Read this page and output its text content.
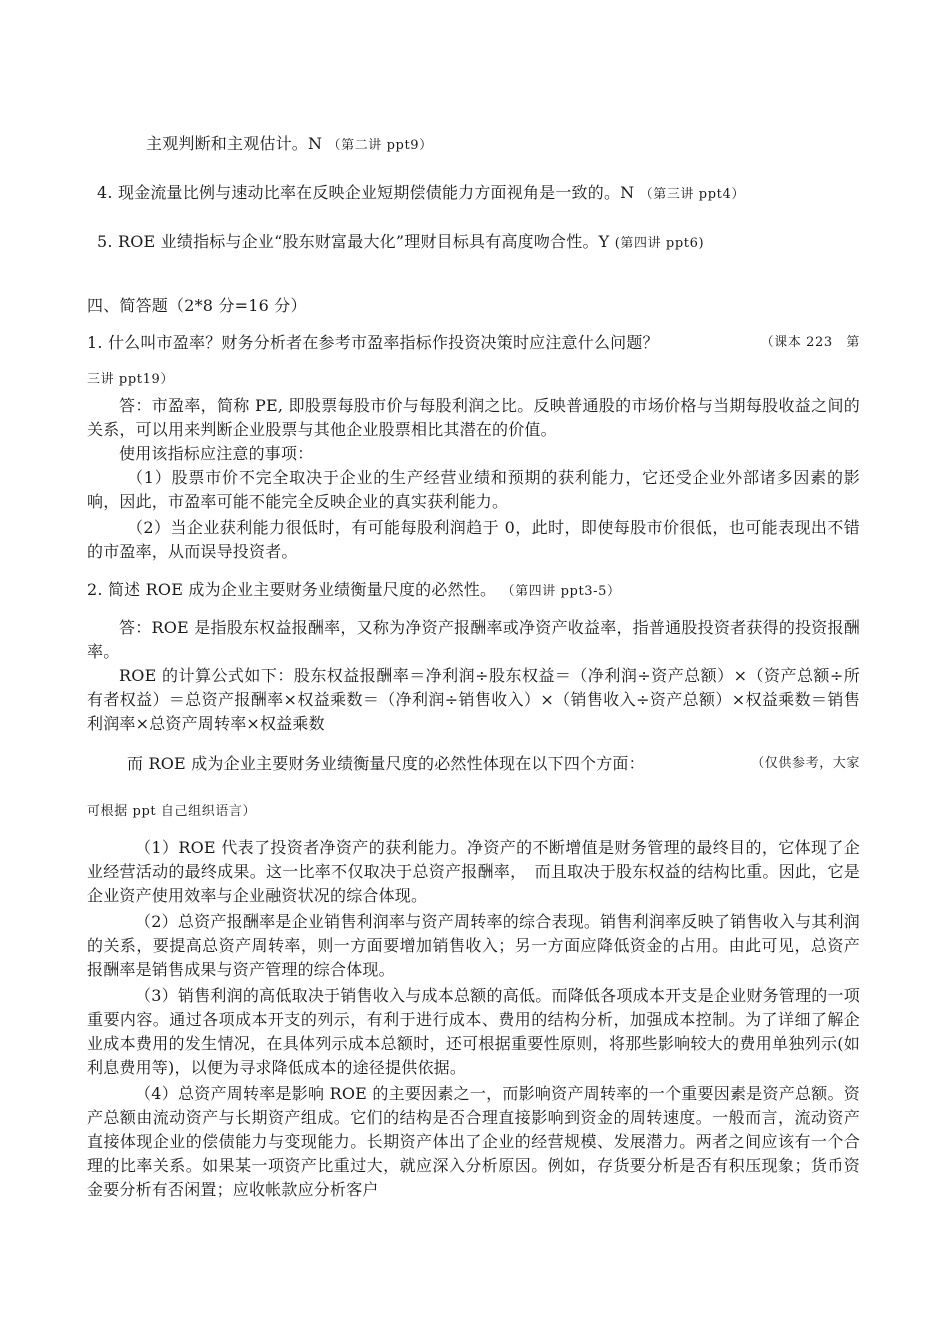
主观判断和主观估计。N （第二讲 ppt9）
4. 现金流量比例与速动比率在反映企业短期偿债能力方面视角是一致的。N （第三讲 ppt4）
5. ROE 业绩指标与企业“股东财富最大化”理财目标具有高度吻合性。Y (第四讲 ppt6)
四、简答题（2*8 分=16 分）
1. 什么叫市盈率？财务分析者在参考市盈率指标作投资决策时应注意什么问题？	（课本 223　第
三讲 ppt19）
答：市盈率，简称 PE, 即股票每股市价与每股利润之比。反映普通股的市场价格与当期每股收益之间的关系，可以用来判断企业股票与其他企业股票相比其潜在的价值。
使用该指标应注意的事项：
（1）股票市价不完全取决于企业的生产经营业绩和预期的获利能力，它还受企业外部诸多因素的影响，因此，市盈率可能不能完全反映企业的真实获利能力。
（2）当企业获利能力很低时，有可能每股利润趋于 0，此时，即使每股市价很低，也可能表现出不错的市盈率，从而误导投资者。
2. 简述 ROE 成为企业主要财务业绩衡量尺度的必然性。 （第四讲 ppt3-5）
答：ROE 是指股东权益报酬率，又称为净资产报酬率或净资产收益率，指普通股投资者获得的投资报酬率。
ROE 的计算公式如下：股东权益报酬率＝净利润÷股东权益＝（净利润÷资产总额）×（资产总额÷所有者权益）＝总资产报酬率×权益乘数＝（净利润÷销售收入）×（销售收入÷资产总额）×权益乘数＝销售利润率×总资产周转率×权益乘数
而 ROE 成为企业主要财务业绩衡量尺度的必然性体现在以下四个方面：	（仅供参考，大家
可根据 ppt 自己组织语言）
（1）ROE 代表了投资者净资产的获利能力。净资产的不断增值是财务管理的最终目的，它体现了企业经营活动的最终成果。这一比率不仅取决于总资产报酬率，　而且取决于股东权益的结构比重。因此，它是企业资产使用效率与企业融资状况的综合体现。
（2）总资产报酬率是企业销售利润率与资产周转率的综合表现。销售利润率反映了销售收入与其利润的关系，要提高总资产周转率，则一方面要增加销售收入；另一方面应降低资金的占用。由此可见，总资产报酬率是销售成果与资产管理的综合体现。
（3）销售利润的高低取决于销售收入与成本总额的高低。而降低各项成本开支是企业财务管理的一项重要内容。通过各项成本开支的列示，有利于进行成本、费用的结构分析，加强成本控制。为了详细了解企业成本费用的发生情况，在具体列示成本总额时，还可根据重要性原则，将那些影响较大的费用单独列示(如利息费用等)，以便为寻求降低成本的途径提供依据。
（4）总资产周转率是影响 ROE 的主要因素之一，而影响资产周转率的一个重要因素是资产总额。资产总额由流动资产与长期资产组成。它们的结构是否合理直接影响到资金的周转速度。一般而言，流动资产直接体现企业的偿债能力与变现能力。长期资产体出了企业的经营规模、发展潜力。两者之间应该有一个合理的比率关系。如果某一项资产比重过大，就应深入分析原因。例如，存货要分析是否有积压现象；货币资金要分析有否闲置；应收帐款应分析客户
